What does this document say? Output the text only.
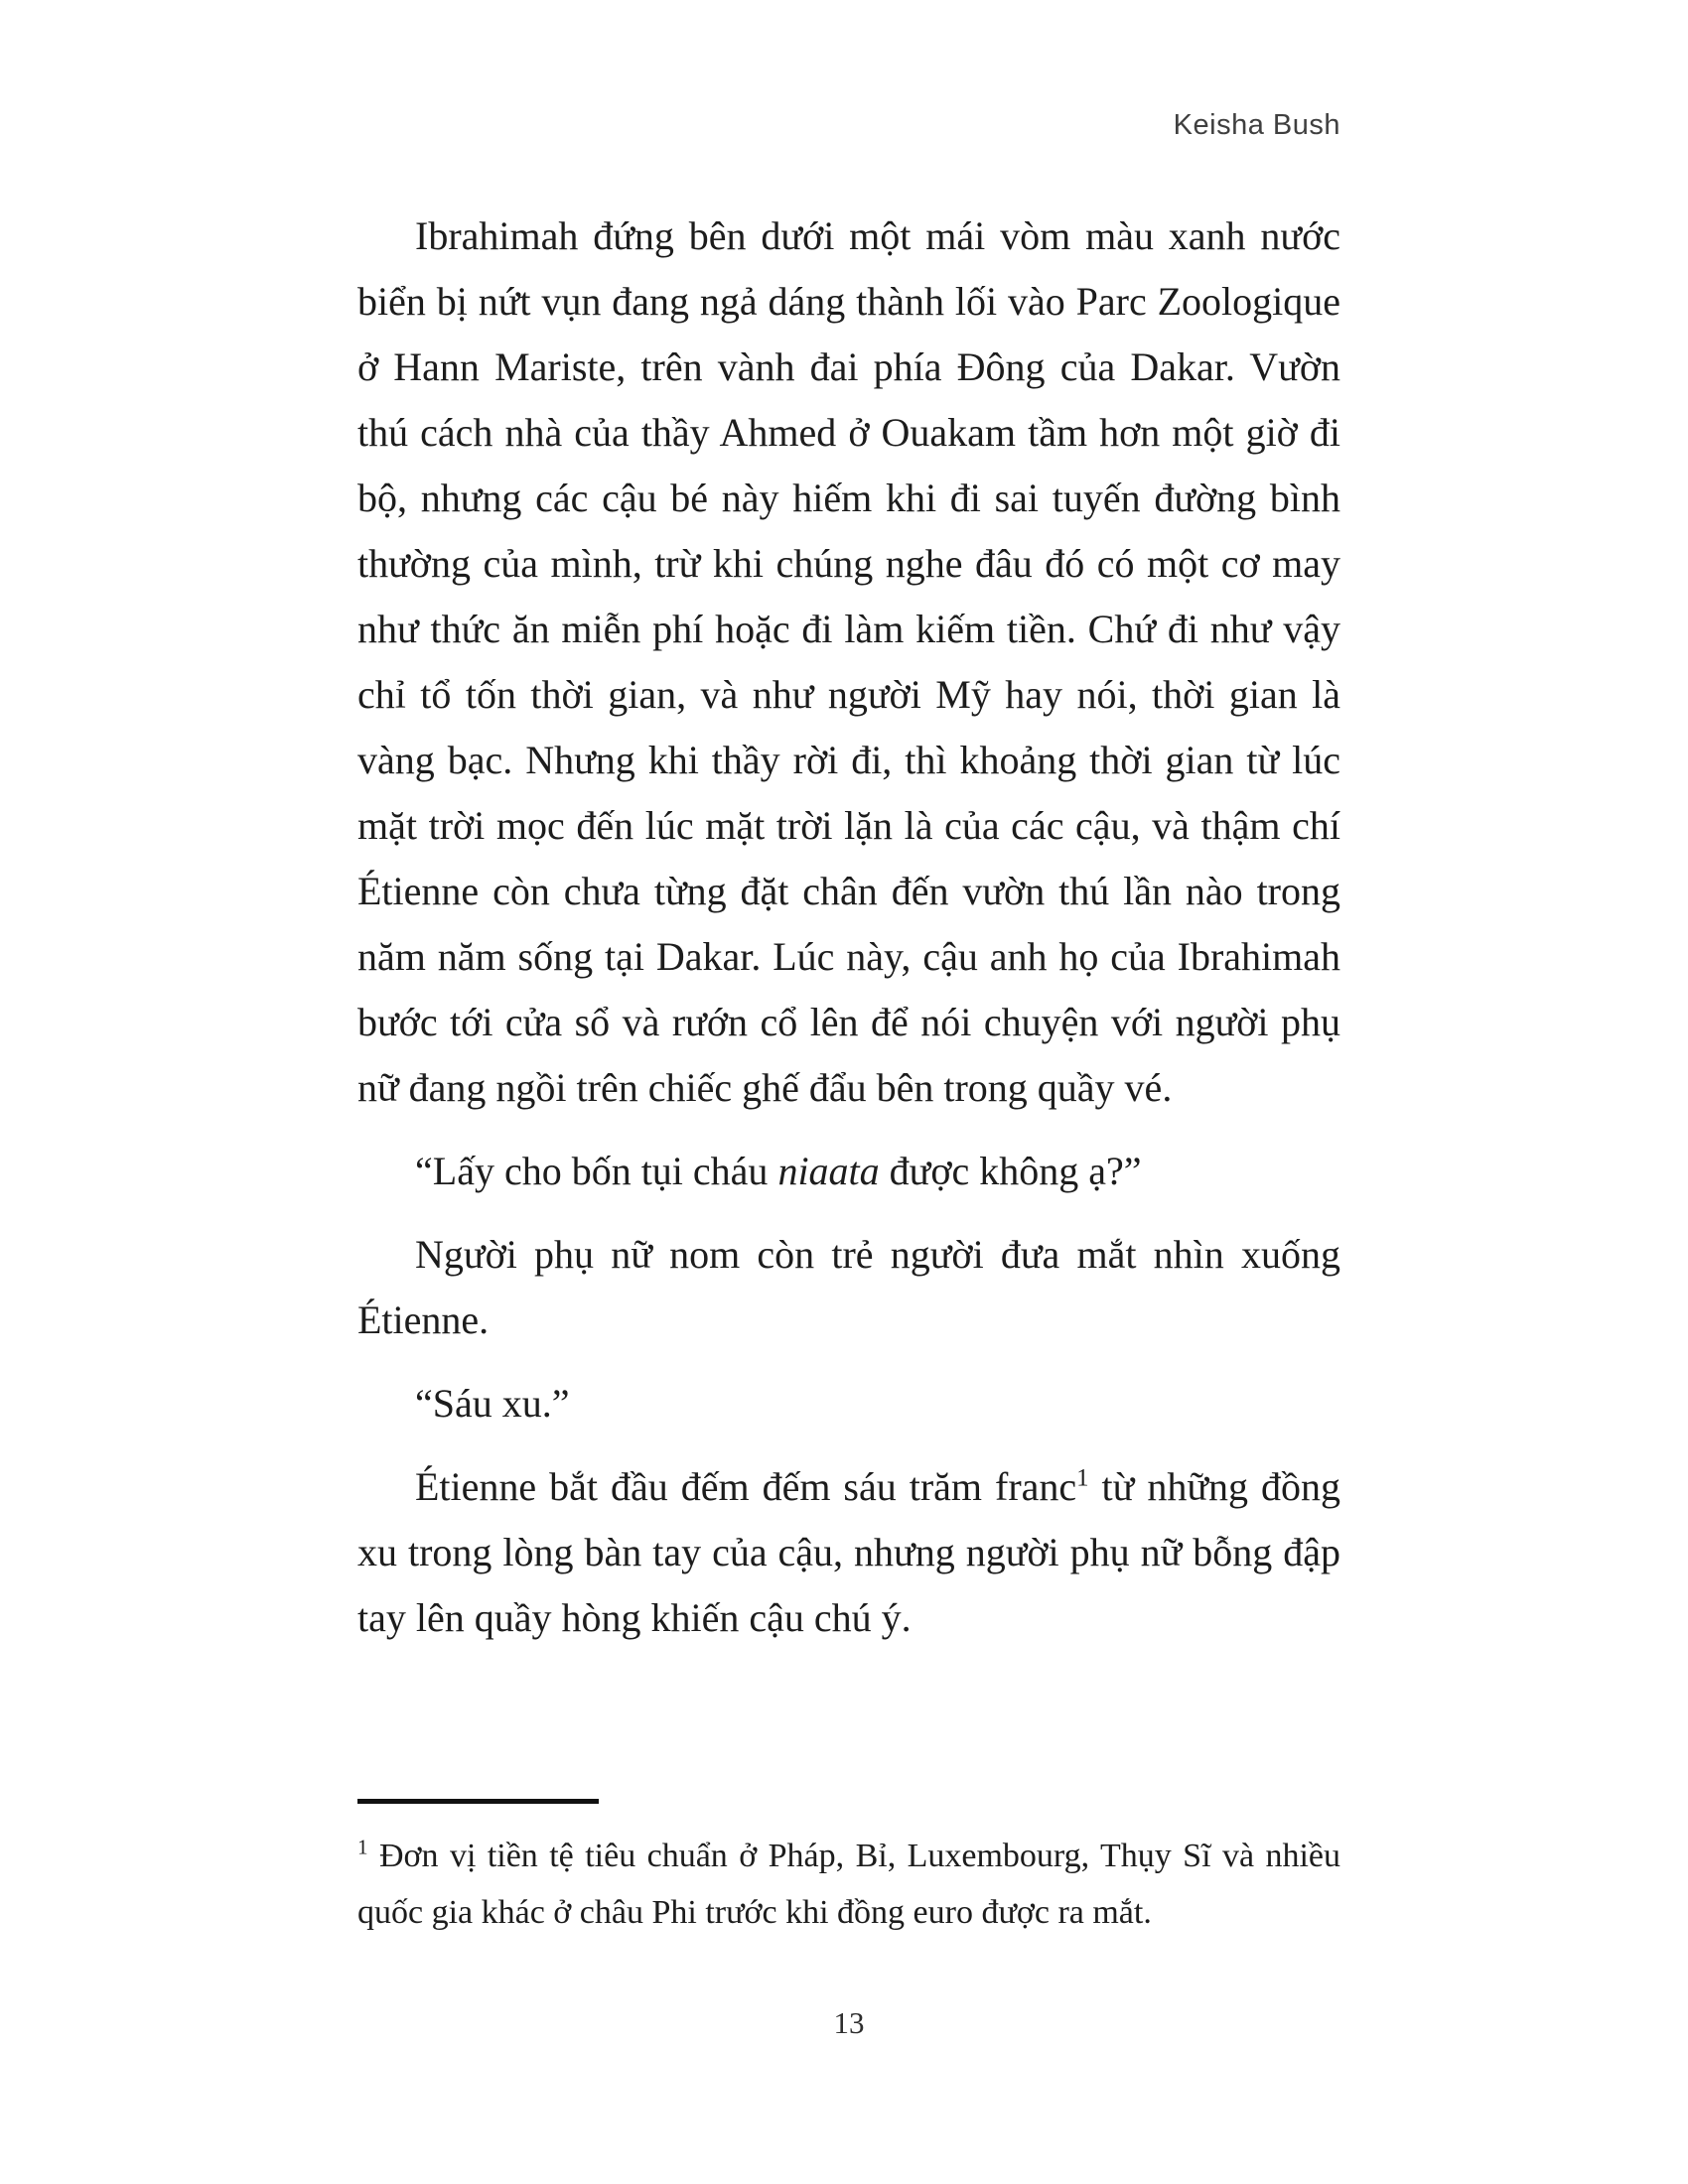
Keisha Bush

Ibrahimah đứng bên dưới một mái vòm màu xanh nước biển bị nứt vụn đang ngả dáng thành lối vào Parc Zoologique ở Hann Mariste, trên vành đai phía Đông của Dakar. Vườn thú cách nhà của thầy Ahmed ở Ouakam tầm hơn một giờ đi bộ, nhưng các cậu bé này hiếm khi đi sai tuyến đường bình thường của mình, trừ khi chúng nghe đâu đó có một cơ may như thức ăn miễn phí hoặc đi làm kiếm tiền. Chứ đi như vậy chỉ tổ tốn thời gian, và như người Mỹ hay nói, thời gian là vàng bạc. Nhưng khi thầy rời đi, thì khoảng thời gian từ lúc mặt trời mọc đến lúc mặt trời lặn là của các cậu, và thậm chí Étienne còn chưa từng đặt chân đến vườn thú lần nào trong năm năm sống tại Dakar. Lúc này, cậu anh họ của Ibrahimah bước tới cửa sổ và rướn cổ lên để nói chuyện với người phụ nữ đang ngồi trên chiếc ghế đẩu bên trong quầy vé.

“Lấy cho bốn tụi cháu niaata được không ạ?”

Người phụ nữ nom còn trẻ người đưa mắt nhìn xuống Étienne.

“Sáu xu.”

Étienne bắt đầu đếm đếm sáu trăm franc$^1$ từ những đồng xu trong lòng bàn tay của cậu, nhưng người phụ nữ bỗng đập tay lên quầy hòng khiến cậu chú ý.

$^1$ Đơn vị tiền tệ tiêu chuẩn ở Pháp, Bỉ, Luxembourg, Thụy Sĩ và nhiều quốc gia khác ở châu Phi trước khi đồng euro được ra mắt.
13
